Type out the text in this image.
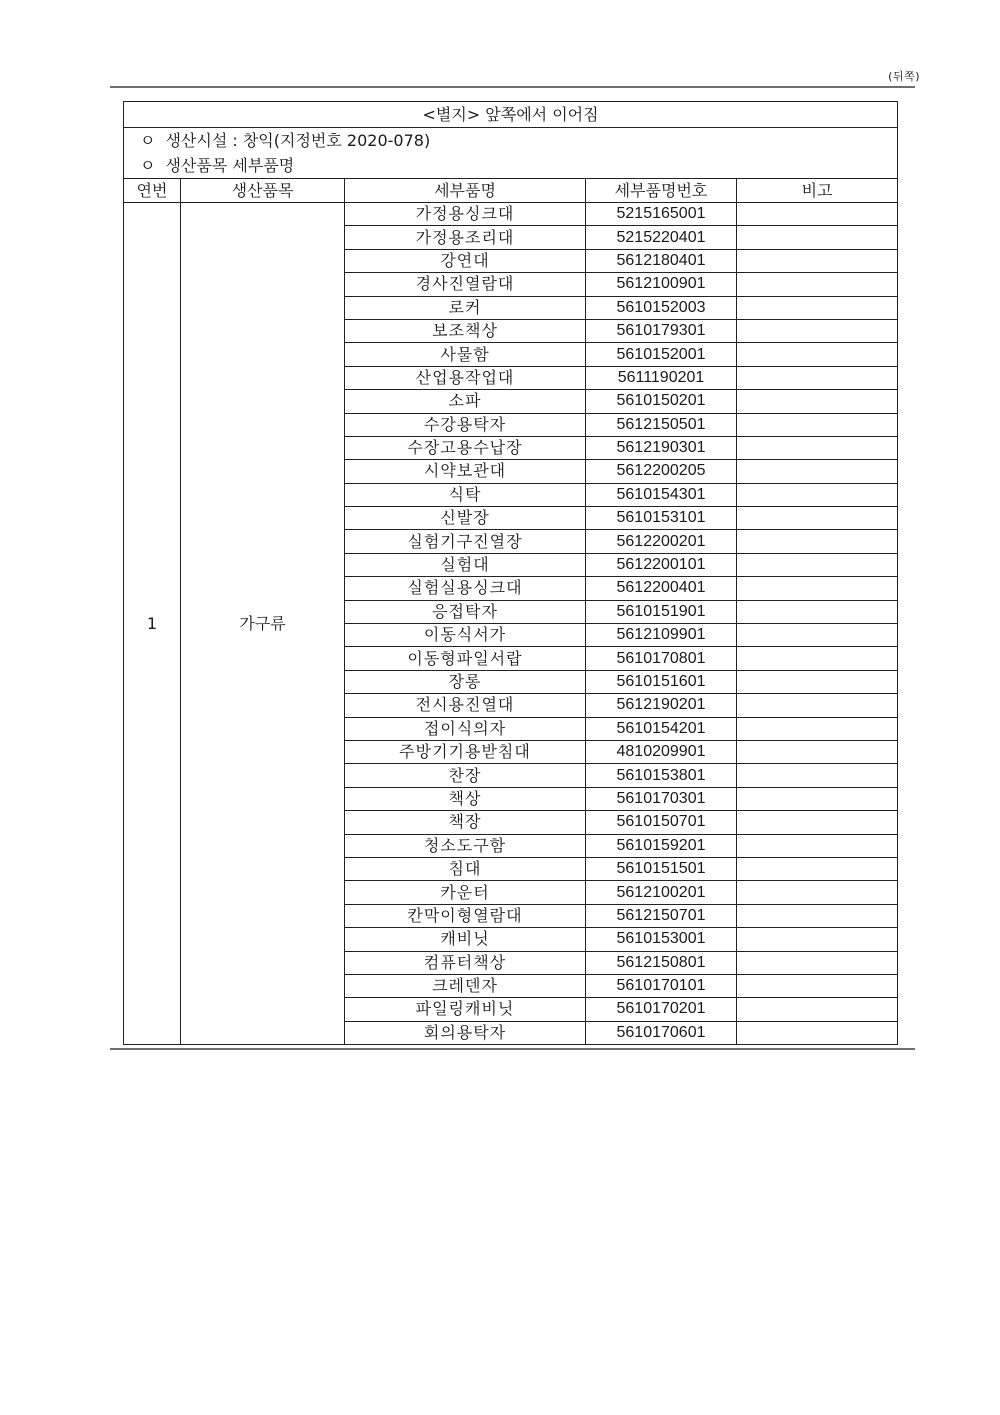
(뒤쪽)
<별지> 앞쪽에서 이어짐				
ㅇ 생산시설 : 창익(지정번호 2020-078)				
ㅇ 생산품목 세부품명				
연번	생산품목	세부품명	세부품명번호	비고
1	가구류	가정용싱크대	5215165001	
		가정용조리대	5215220401	
		강연대	5612180401	
		경사진열람대	5612100901	
		로커	5610152003	
		보조책상	5610179301	
		사물함	5610152001	
		산업용작업대	5611190201	
		소파	5610150201	
		수강용탁자	5612150501	
		수장고용수납장	5612190301	
		시약보관대	5612200205	
		식탁	5610154301	
		신발장	5610153101	
		실험기구진열장	5612200201	
		실험대	5612200101	
		실험실용싱크대	5612200401	
		응접탁자	5610151901	
		이동식서가	5612109901	
		이동형파일서랍	5610170801	
		장롱	5610151601	
		전시용진열대	5612190201	
		접이식의자	5610154201	
		주방기기용받침대	4810209901	
		찬장	5610153801	
		책상	5610170301	
		책장	5610150701	
		청소도구함	5610159201	
		침대	5610151501	
		카운터	5612100201	
		칸막이형열람대	5612150701	
		캐비닛	5610153001	
		컴퓨터책상	5612150801	
		크레덴자	5610170101	
		파일링캐비닛	5610170201	
		회의용탁자	5610170601	
